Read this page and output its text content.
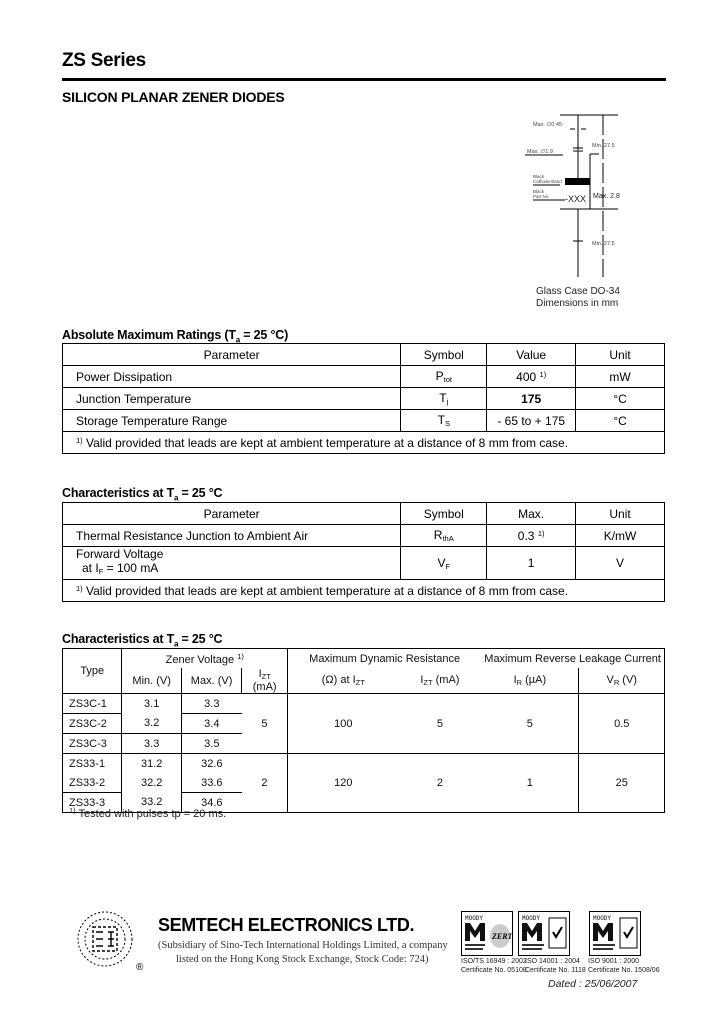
ZS Series
SILICON PLANAR ZENER DIODES
Max. ∅0.45
Max. ∅1.9
Min. 27.5
Black
Cathode Band
Black
Part No. -XXX Max. 2.8
Min. 27.5
Glass Case DO-34
Dimensions in mm
Absolute Maximum Ratings ($T_a = 25$ °C)
Parameter	Symbol	Value	Unit
Power Dissipation	$P_{tot}$	400 $^{1)}$	mW
Junction Temperature	$T_j$	175	°C
Storage Temperature Range	$T_S$	- 65 to + 175	°C
$^{1)}$ Valid provided that leads are kept at ambient temperature at a distance of 8 mm from case.			
Characteristics at $T_a = 25$ °C
Parameter	Symbol	Max.	Unit
Thermal Resistance Junction to Ambient Air	$R_{thA}$	0.3 $^{1)}$	K/mW

Forward Voltage
at $I_F = 100$ mA	$V_F$	1	V
$^{1)}$ Valid provided that leads are kept at ambient temperature at a distance of 8 mm from case.			
Characteristics at $T_a = 25$ °C
Type	Zener Voltage $^{1)}$			Maximum Dynamic Resistance		Maximum Reverse Leakage Current	
	Min. (V)	Max. (V)	$I_{ZT}$ (mA)	(Ω) at $I_{ZT}$	$I_{ZT}$ (mA)	$I_R$ (µA)	$V_R$ (V)
ZS3C-1	3.1	3.3	5	100	5	5	0.5
ZS3C-2	3.2	3.4					
ZS3C-3	3.3	3.5					
ZS33-1	31.2	32.6	2	120	2	1	25
ZS33-2	32.2	33.6					
ZS33-3	33.2	34.6					
$^{1)}$ Tested with pulses tp = 20 ms.
®
SEMTECH ELECTRONICS LTD.
(Subsidiary of Sino-Tech International Holdings Limited, a company
listed on the Hong Kong Stock Exchange, Stock Code: 724)
MOODY
ZERT
MOODY	MOODY
ISO/TS 16949 : 2002
Certificate No. 05108
ISO 14001 : 2004
Certificate No. 1118
ISO 9001 : 2000
Certificate No. 1508/06
Dated : 25/06/2007
